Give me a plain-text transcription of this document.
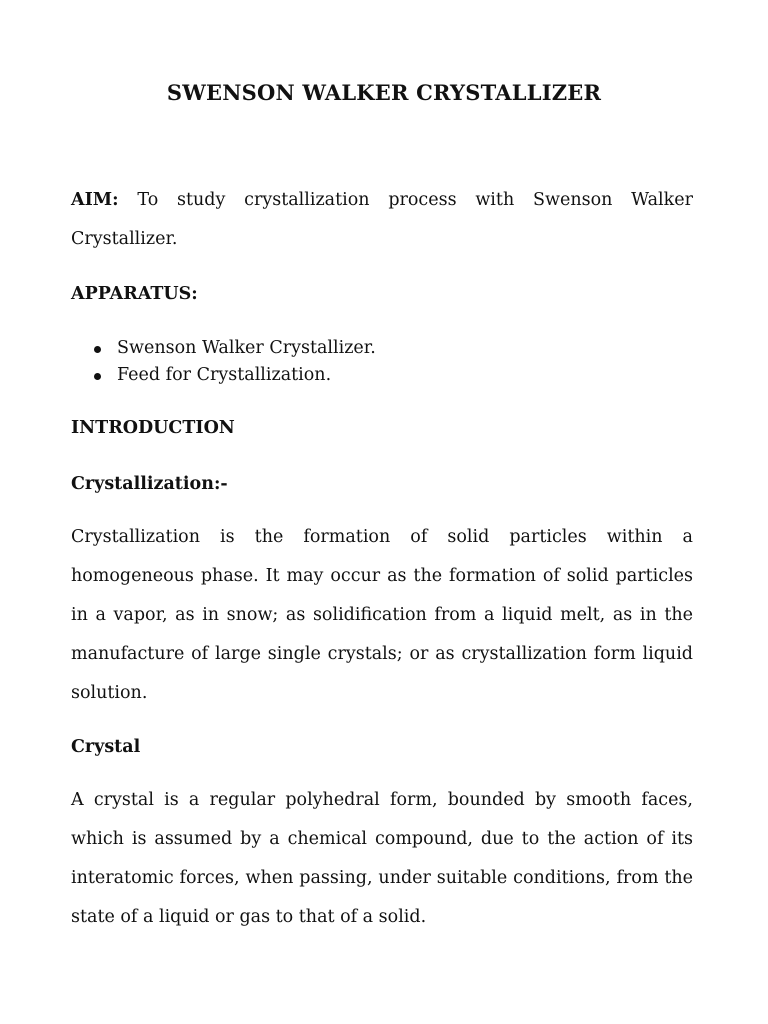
SWENSON WALKER CRYSTALLIZER

AIM: To study crystallization process with Swenson Walker Crystallizer.

APPARATUS:
Swenson Walker Crystallizer.
Feed for Crystallization.
INTRODUCTION
Crystallization:-

Crystallization is the formation of solid particles within a homogeneous phase. It may occur as the formation of solid particles in a vapor, as in snow; as solidification from a liquid melt, as in the manufacture of large single crystals; or as crystallization form liquid solution.

Crystal

A crystal is a regular polyhedral form, bounded by smooth faces, which is assumed by a chemical compound, due to the action of its interatomic forces, when passing, under suitable conditions, from the state of a liquid or gas to that of a solid.
